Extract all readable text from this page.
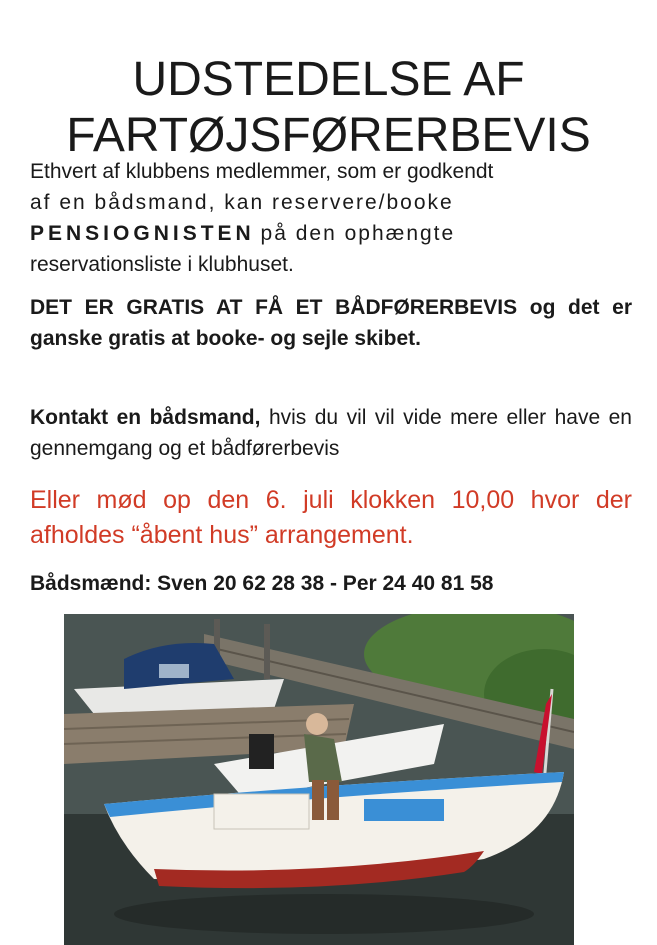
UDSTEDELSE AF
FARTØJSFØRERBEVIS

Ethvert af klubbens medlemmer, som er godkendt
af en bådsmand, kan reservere/booke
PENSIOGNISTEN på den ophængte
reservationsliste i klubhuset.

DET ER GRATIS AT FÅ ET BÅDFØRERBEVIS og det er ganske gratis at booke- og sejle skibet.

Kontakt en bådsmand, hvis du vil vil vide mere eller have en gennemgang og et bådførerbevis

Eller mød op den 6. juli klokken 10,00 hvor der afholdes “åbent hus” arrangement.

Bådsmænd: Sven 20 62 28 38 - Per 24 40 81 58
